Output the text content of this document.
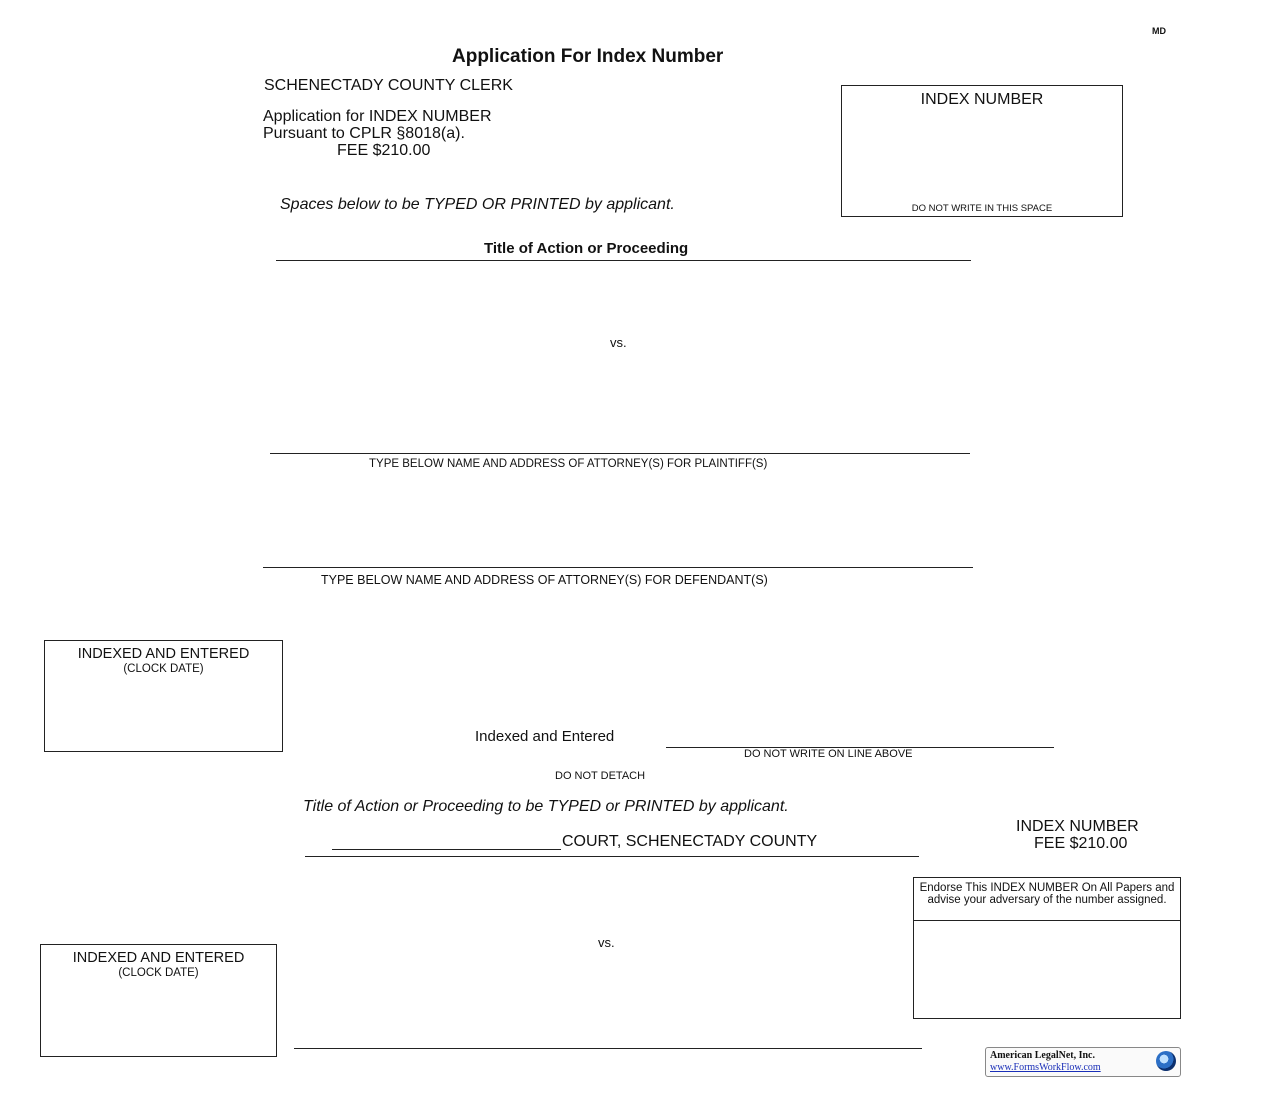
MD
Application For Index Number
SCHENECTADY COUNTY CLERK
Application for INDEX NUMBER
Pursuant to CPLR §8018(a).
FEE $210.00
Spaces below to be TYPED OR PRINTED by applicant.
INDEX NUMBER
DO NOT WRITE IN THIS SPACE
Title of Action or Proceeding
vs.
TYPE BELOW NAME AND ADDRESS OF ATTORNEY(S) FOR PLAINTIFF(S)
TYPE BELOW NAME AND ADDRESS OF ATTORNEY(S) FOR DEFENDANT(S)
INDEXED AND ENTERED
(CLOCK DATE)
Indexed and Entered
DO NOT WRITE ON LINE ABOVE
DO NOT DETACH
Title of Action or Proceeding to be TYPED or PRINTED by applicant.
COURT, SCHENECTADY COUNTY
INDEX NUMBER
FEE $210.00
Endorse This INDEX NUMBER On All Papers and advise your adversary of the number assigned.
vs.
INDEXED AND ENTERED
(CLOCK DATE)
American LegalNet, Inc.
www.FormsWorkFlow.com
